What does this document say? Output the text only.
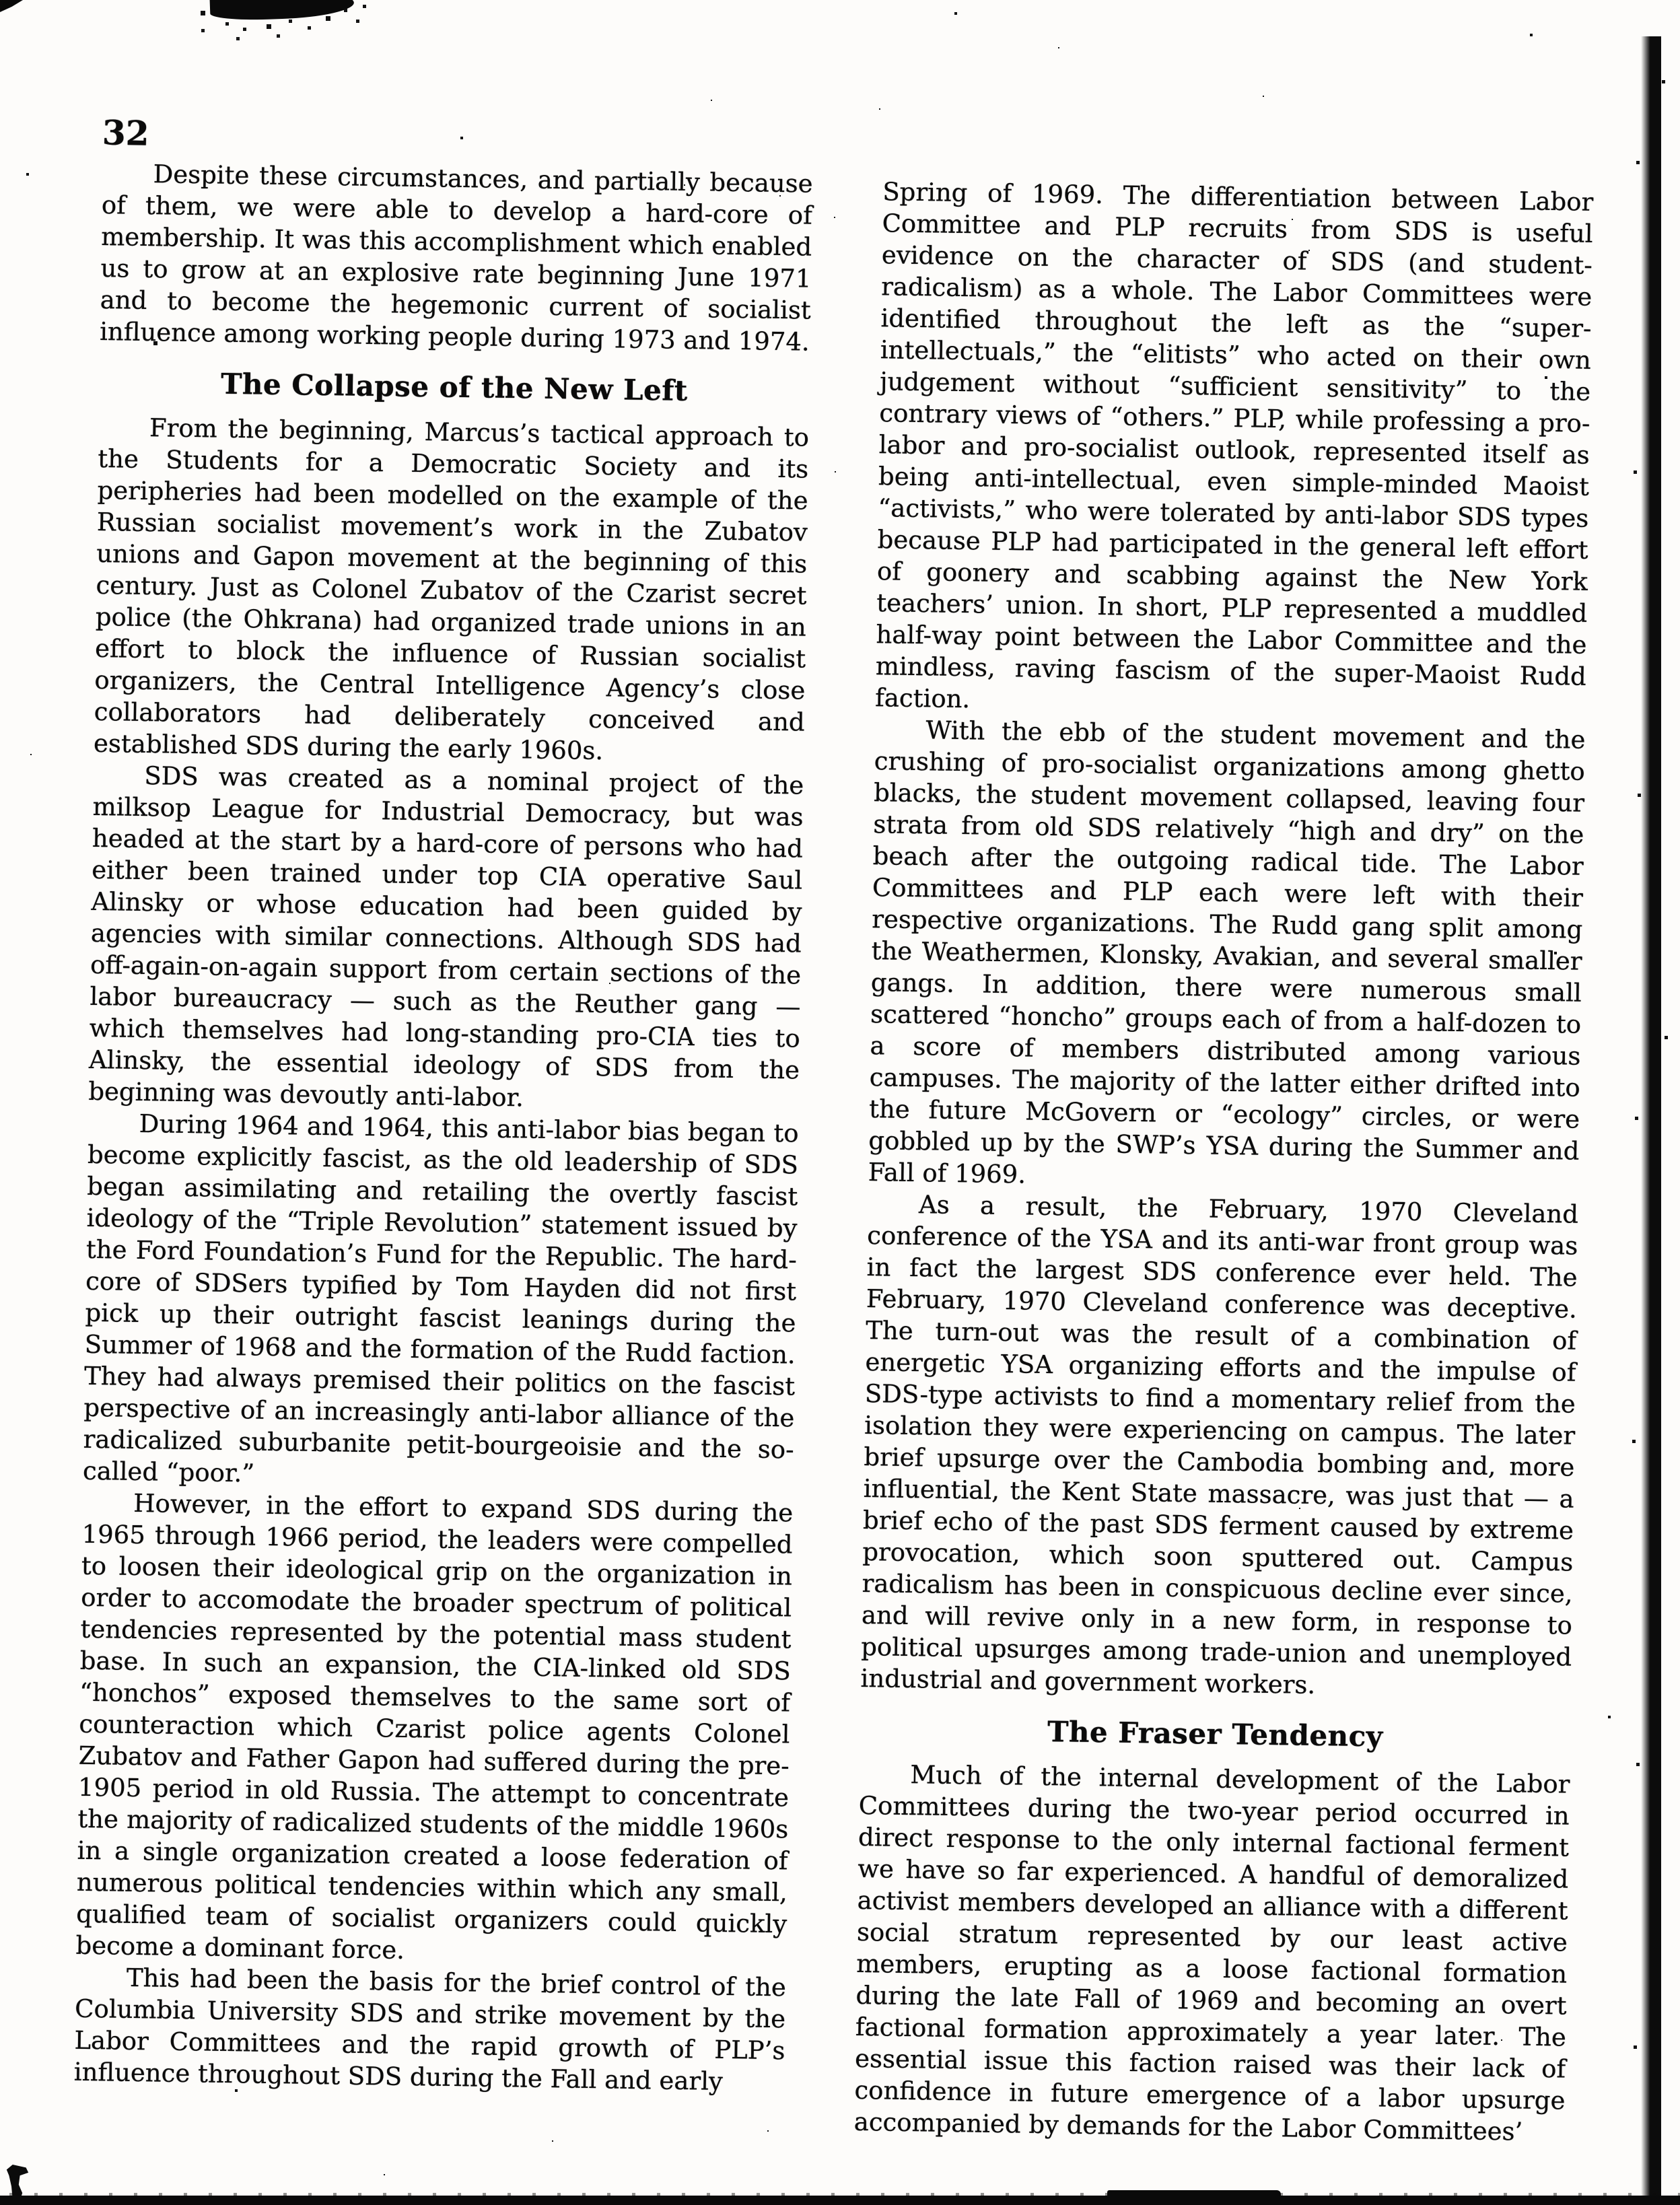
32

Despite these circumstances, and partially because of them, we were able to develop a hard-core of membership. It was this accomplishment which enabled us to grow at an explosive rate beginning June 1971 and to become the hegemonic current of socialist influence among working people during 1973 and 1974.

The Collapse of the New Left

From the beginning, Marcus’s tactical approach to the Students for a Democratic Society and its peripheries had been modelled on the example of the Russian socialist movement’s work in the Zubatov unions and Gapon movement at the beginning of this century. Just as Colonel Zubatov of the Czarist secret police (the Ohkrana) had organized trade unions in an effort to block the influence of Russian socialist organizers, the Central Intelligence Agency’s close collaborators had deliberately conceived and established SDS during the early 1960s.

SDS was created as a nominal project of the milksop League for Industrial Democracy, but was headed at the start by a hard-core of persons who had either been trained under top CIA operative Saul Alinsky or whose education had been guided by agencies with similar connections. Although SDS had off-again-on-again support from certain sections of the labor bureaucracy — such as the Reuther gang — which themselves had long-standing pro-CIA ties to Alinsky, the essential ideology of SDS from the beginning was devoutly anti-labor.

During 1964 and 1964, this anti-labor bias began to become explicitly fascist, as the old leadership of SDS began assimilating and retailing the overtly fascist ideology of the “Triple Revolution” statement issued by the Ford Foundation’s Fund for the Republic. The hard-core of SDSers typified by Tom Hayden did not first pick up their outright fascist leanings during the Summer of 1968 and the formation of the Rudd faction. They had always premised their politics on the fascist perspective of an increasingly anti-labor alliance of the radicalized suburbanite petit-bourgeoisie and the so-called “poor.”

However, in the effort to expand SDS during the 1965 through 1966 period, the leaders were compelled to loosen their ideological grip on the organization in order to accomodate the broader spectrum of political tendencies represented by the potential mass student base. In such an expansion, the CIA-linked old SDS “honchos” exposed themselves to the same sort of counteraction which Czarist police agents Colonel Zubatov and Father Gapon had suffered during the pre-1905 period in old Russia. The attempt to concentrate the majority of radicalized students of the middle 1960s in a single organization created a loose federation of numerous political tendencies within which any small, qualified team of socialist organizers could quickly become a dominant force.

This had been the basis for the brief control of the Columbia University SDS and strike movement by the Labor Committees and the rapid growth of PLP’s influence throughout SDS during the Fall and early

Spring of 1969. The differentiation between Labor Committee and PLP recruits from SDS is useful evidence on the character of SDS (and student-radicalism) as a whole. The Labor Committees were identified throughout the left as the “super-intellectuals,” the “elitists” who acted on their own judgement without “sufficient sensitivity” to the contrary views of “others.” PLP, while professing a pro-labor and pro-socialist outlook, represented itself as being anti-intellectual, even simple-minded Maoist “activists,” who were tolerated by anti-labor SDS types because PLP had participated in the general left effort of goonery and scabbing against the New York teachers’ union. In short, PLP represented a muddled half-way point between the Labor Committee and the mindless, raving fascism of the super-Maoist Rudd faction.

With the ebb of the student movement and the crushing of pro-socialist organizations among ghetto blacks, the student movement collapsed, leaving four strata from old SDS relatively “high and dry” on the beach after the outgoing radical tide. The Labor Committees and PLP each were left with their respective organizations. The Rudd gang split among the Weathermen, Klonsky, Avakian, and several smaller gangs. In addition, there were numerous small scattered “honcho” groups each of from a half-dozen to a score of members distributed among various campuses. The majority of the latter either drifted into the future McGovern or “ecology” circles, or were gobbled up by the SWP’s YSA during the Summer and Fall of 1969.

As a result, the February, 1970 Cleveland conference of the YSA and its anti-war front group was in fact the largest SDS conference ever held. The February, 1970 Cleveland conference was deceptive. The turn-out was the result of a combination of energetic YSA organizing efforts and the impulse of SDS-type activists to find a momentary relief from the isolation they were experiencing on campus. The later brief upsurge over the Cambodia bombing and, more influential, the Kent State massacre, was just that — a brief echo of the past SDS ferment caused by extreme provocation, which soon sputtered out. Campus radicalism has been in conspicuous decline ever since, and will revive only in a new form, in response to political upsurges among trade-union and unemployed industrial and government workers.

The Fraser Tendency

Much of the internal development of the Labor Committees during the two-year period occurred in direct response to the only internal factional ferment we have so far experienced. A handful of demoralized activist members developed an alliance with a different social stratum represented by our least active members, erupting as a loose factional formation during the late Fall of 1969 and becoming an overt factional formation approximately a year later. The essential issue this faction raised was their lack of confidence in future emergence of a labor upsurge accompanied by demands for the Labor Committees’
